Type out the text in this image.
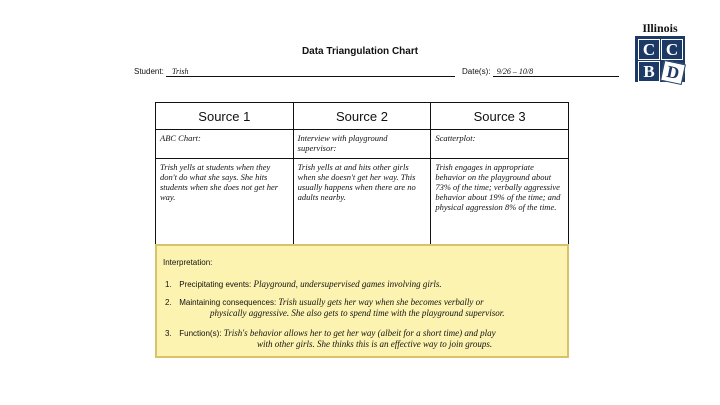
Data Triangulation Chart
Student: Trish	Date(s): 9/26 – 10/8
Illinois
C C
B D
Source 1	Source 2	Source 3

ABC Chart:	Interview with playground supervisor:	Scatterplot:

Trish yells at students when they don't do what she says. She hits students when she does not get her way.	Trish yells at and hits other girls when she doesn't get her way. This usually happens when there are no adults nearby.	Trish engages in appropriate behavior on the playground about 73% of the time; verbally aggressive behavior about 19% of the time; and physical aggression 8% of the time.
Interpretation:
1. Precipitating events: Playground, undersupervised games involving girls.
2. Maintaining consequences: Trish usually gets her way when she becomes verbally or
physically aggressive. She also gets to spend time with the playground supervisor.
3. Function(s): Trish's behavior allows her to get her way (albeit for a short time) and play
with other girls. She thinks this is an effective way to join groups.
